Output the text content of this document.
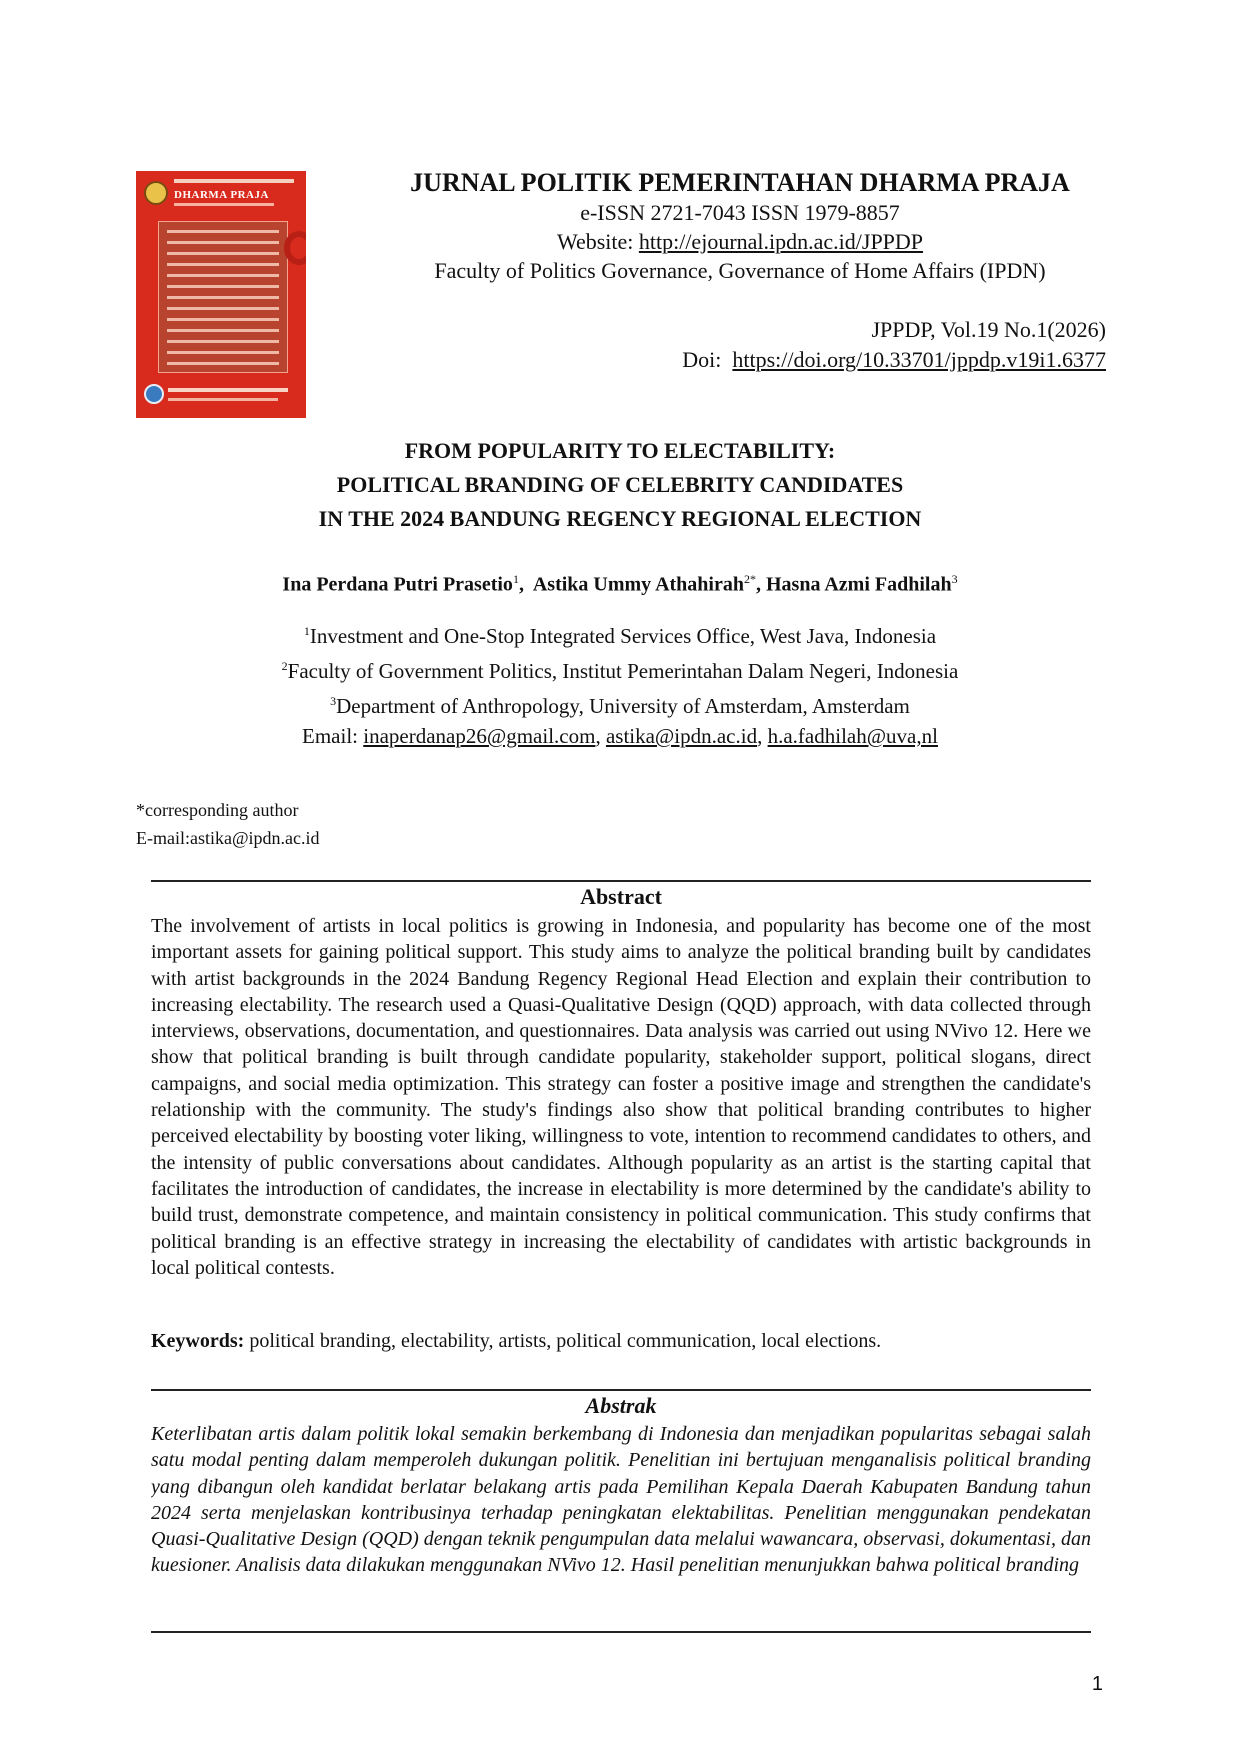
DHARMA PRAJA	JURNAL POLITIK PEMERINTAHAN DHARMA PRAJA

e-ISSN 2721-7043 ISSN 1979-8857

Website: http://ejournal.ipdn.ac.id/JPPDP

Faculty of Politics Governance, Governance of Home Affairs (IPDN)

JPPDP, Vol.19 No.1(2026)
Doi:  https://doi.org/10.33701/jppdp.v19i1.6377
FROM POPULARITY TO ELECTABILITY:
POLITICAL BRANDING OF CELEBRITY CANDIDATES
IN THE 2024 BANDUNG REGENCY REGIONAL ELECTION
Ina Perdana Putri Prasetio$^1$,  Astika Ummy Athahirah$^{2*}$, Hasna Azmi Fadhilah$^3$
$^1$Investment and One-Stop Integrated Services Office, West Java, Indonesia
$^2$Faculty of Government Politics, Institut Pemerintahan Dalam Negeri, Indonesia
$^3$Department of Anthropology, University of Amsterdam, Amsterdam
Email: inaperdanap26@gmail.com, astika@ipdn.ac.id, h.a.fadhilah@uva,nl
*corresponding author
E-mail:astika@ipdn.ac.id
Abstract

The involvement of artists in local politics is growing in Indonesia, and popularity has become one of the most important assets for gaining political support. This study aims to analyze the political branding built by candidates with artist backgrounds in the 2024 Bandung Regency Regional Head Election and explain their contribution to increasing electability. The research used a Quasi-Qualitative Design (QQD) approach, with data collected through interviews, observations, documentation, and questionnaires. Data analysis was carried out using NVivo 12. Here we show that political branding is built through candidate popularity, stakeholder support, political slogans, direct campaigns, and social media optimization. This strategy can foster a positive image and strengthen the candidate's relationship with the community. The study's findings also show that political branding contributes to higher perceived electability by boosting voter liking, willingness to vote, intention to recommend candidates to others, and the intensity of public conversations about candidates. Although popularity as an artist is the starting capital that facilitates the introduction of candidates, the increase in electability is more determined by the candidate's ability to build trust, demonstrate competence, and maintain consistency in political communication. This study confirms that political branding is an effective strategy in increasing the electability of candidates with artistic backgrounds in local political contests.

Keywords: political branding, electability, artists, political communication, local elections.
Abstrak

Keterlibatan artis dalam politik lokal semakin berkembang di Indonesia dan menjadikan popularitas sebagai salah satu modal penting dalam memperoleh dukungan politik. Penelitian ini bertujuan menganalisis political branding yang dibangun oleh kandidat berlatar belakang artis pada Pemilihan Kepala Daerah Kabupaten Bandung tahun 2024 serta menjelaskan kontribusinya terhadap peningkatan elektabilitas. Penelitian menggunakan pendekatan Quasi-Qualitative Design (QQD) dengan teknik pengumpulan data melalui wawancara, observasi, dokumentasi, dan kuesioner. Analisis data dilakukan menggunakan NVivo 12. Hasil penelitian menunjukkan bahwa political branding

1
